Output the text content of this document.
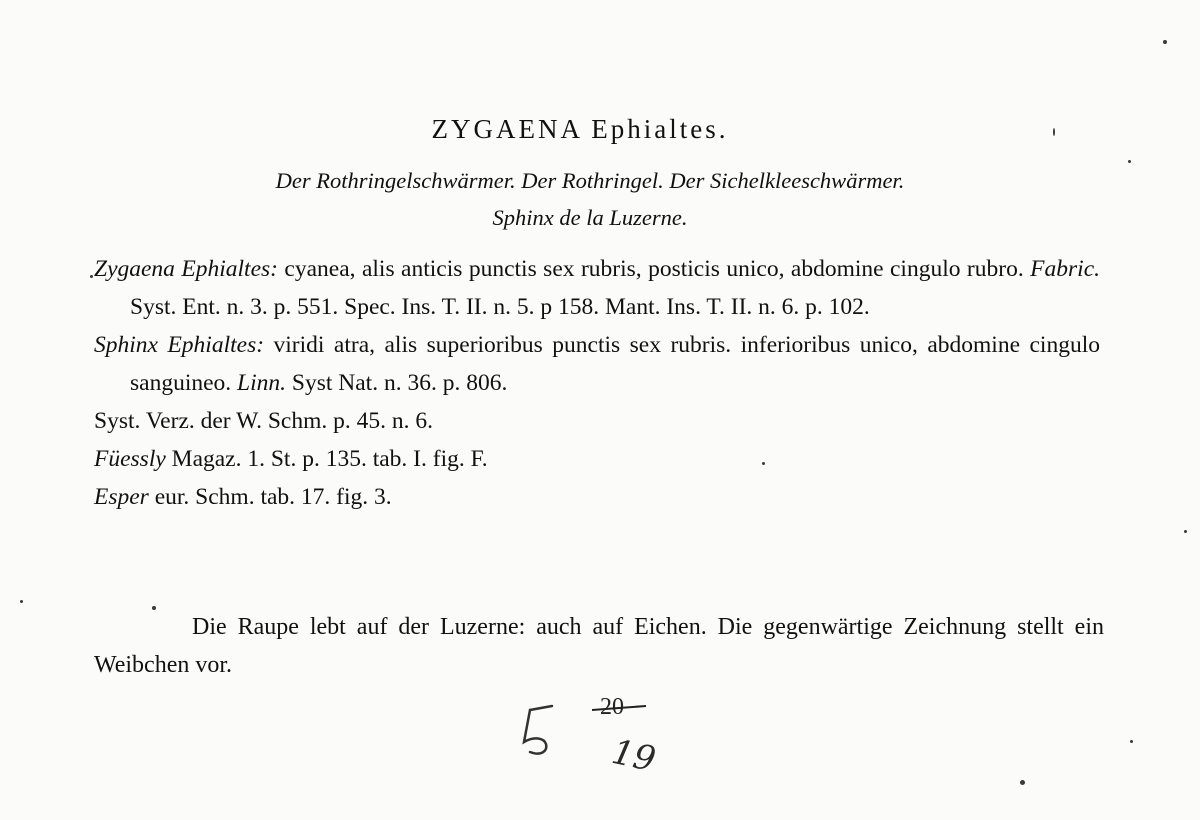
ZYGAENA Ephialtes.
Der Rothringelschwärmer. Der Rothringel. Der Sichelkleeschwärmer.
Sphinx de la Luzerne.

Zygaena Ephialtes: cyanea, alis anticis punctis sex rubris, posticis unico, abdomine cingulo rubro. Fabric. Syst. Ent. n. 3. p. 551. Spec. Ins. T. II. n. 5. p 158. Mant. Ins. T. II. n. 6. p. 102.

Sphinx Ephialtes: viridi atra, alis superioribus punctis sex rubris. inferioribus unico, abdomine cingulo sanguineo. Linn. Syst Nat. n. 36. p. 806.

Syst. Verz. der W. Schm. p. 45. n. 6.
Füessly Magaz. 1. St. p. 135. tab. I. fig. F.
Esper eur. Schm. tab. 17. fig. 3.
Die Raupe lebt auf der Luzerne: auch auf Eichen. Die gegenwärtige Zeichnung stellt ein Weibchen vor.
20
19
